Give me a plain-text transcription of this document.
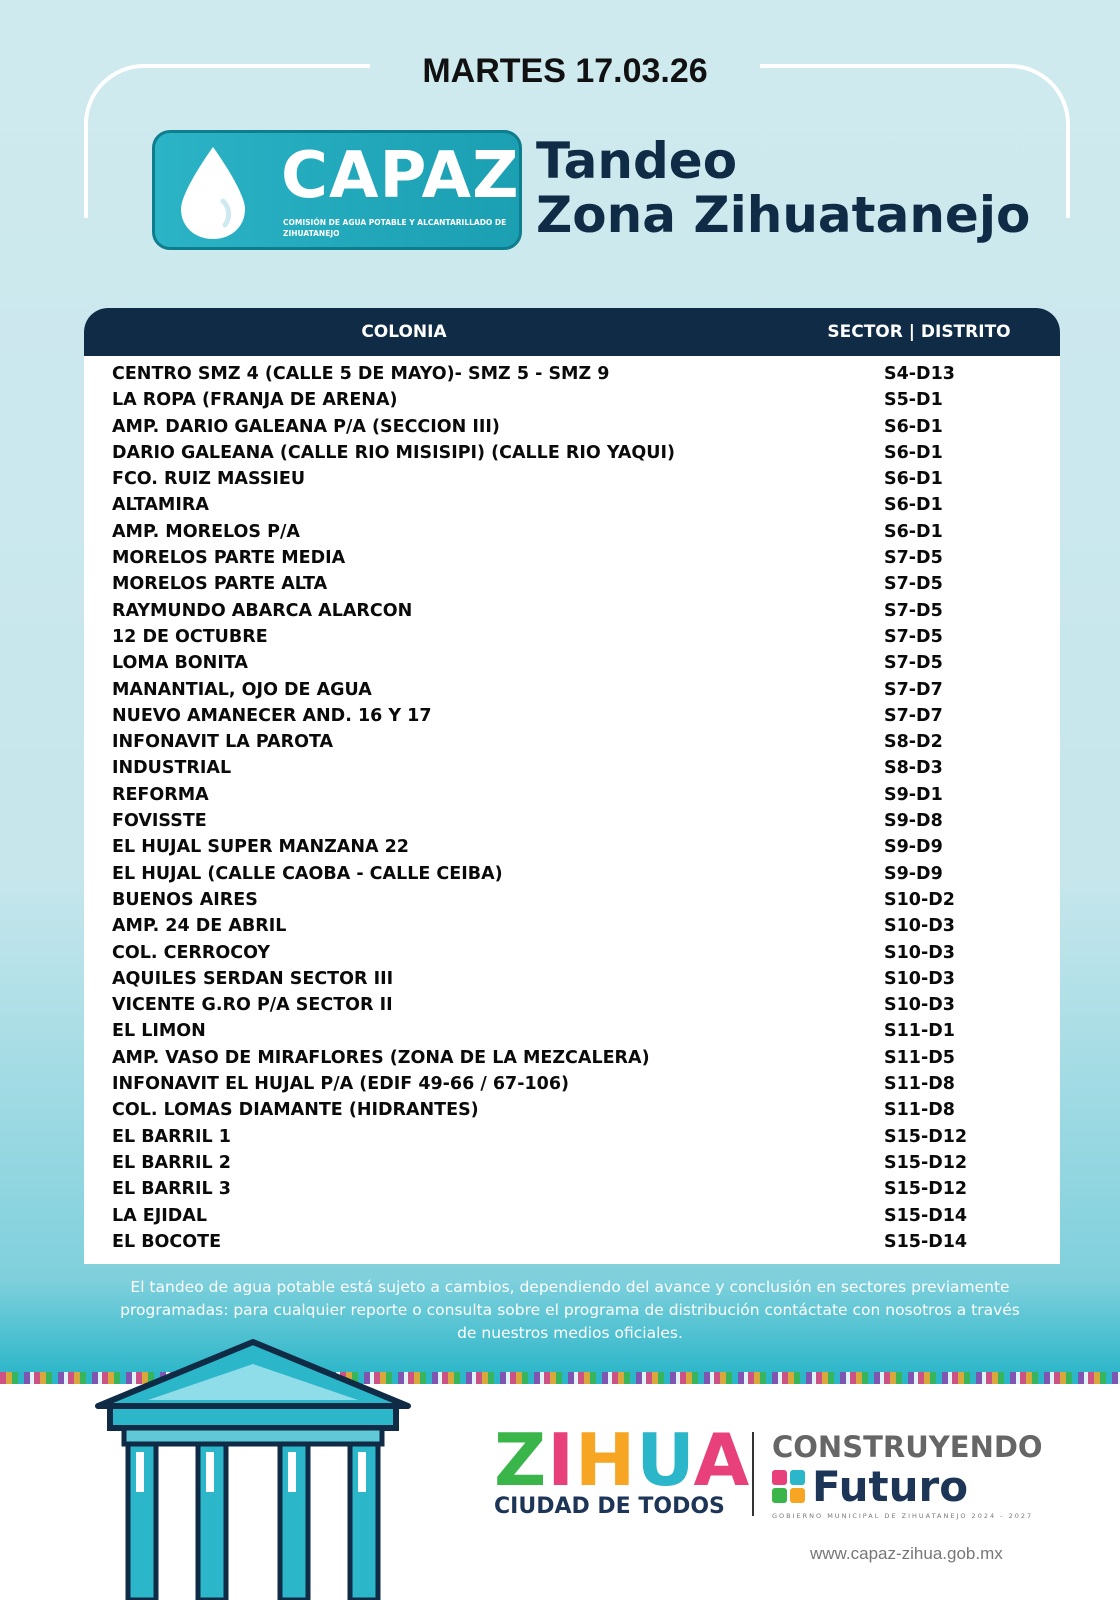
MARTES 17.03.26
CAPAZ
COMISIÓN DE AGUA POTABLE Y ALCANTARILLADO DE ZIHUATANEJO
Tandeo
Zona Zihuatanejo
COLONIA	SECTOR | DISTRITO
CENTRO SMZ 4 (CALLE 5 DE MAYO)- SMZ 5 - SMZ 9	S4-D13
LA ROPA (FRANJA DE ARENA)	S5-D1
AMP. DARIO GALEANA P/A (SECCION III)	S6-D1
DARIO GALEANA (CALLE RIO MISISIPI) (CALLE RIO YAQUI)	S6-D1
FCO. RUIZ MASSIEU	S6-D1
ALTAMIRA	S6-D1
AMP. MORELOS P/A	S6-D1
MORELOS PARTE MEDIA	S7-D5
MORELOS PARTE ALTA	S7-D5
RAYMUNDO ABARCA ALARCON	S7-D5
12 DE OCTUBRE	S7-D5
LOMA BONITA	S7-D5
MANANTIAL, OJO DE AGUA	S7-D7
NUEVO AMANECER AND. 16 Y 17	S7-D7
INFONAVIT LA PAROTA	S8-D2
INDUSTRIAL	S8-D3
REFORMA	S9-D1
FOVISSTE	S9-D8
EL HUJAL SUPER MANZANA 22	S9-D9
EL HUJAL (CALLE CAOBA - CALLE CEIBA)	S9-D9
BUENOS AIRES	S10-D2
AMP. 24 DE ABRIL	S10-D3
COL. CERROCOY	S10-D3
AQUILES SERDAN SECTOR III	S10-D3
VICENTE G.RO P/A SECTOR II	S10-D3
EL LIMON	S11-D1
AMP. VASO DE MIRAFLORES (ZONA DE LA MEZCALERA)	S11-D5
INFONAVIT EL HUJAL P/A (EDIF 49-66 / 67-106)	S11-D8
COL. LOMAS DIAMANTE (HIDRANTES)	S11-D8
EL BARRIL 1	S15-D12
EL BARRIL 2	S15-D12
EL BARRIL 3	S15-D12
LA EJIDAL	S15-D14
EL BOCOTE	S15-D14
El tandeo de agua potable está sujeto a cambios, dependiendo del avance y conclusión en sectores previamente programadas: para cualquier reporte o consulta sobre el programa de distribución contáctate con nosotros a través de nuestros medios oficiales.
ZIHUA
CIUDAD DE TODOS
CONSTRUYENDO
Futuro
GOBIERNO MUNICIPAL DE ZIHUATANEJO 2024 - 2027
www.capaz-zihua.gob.mx
